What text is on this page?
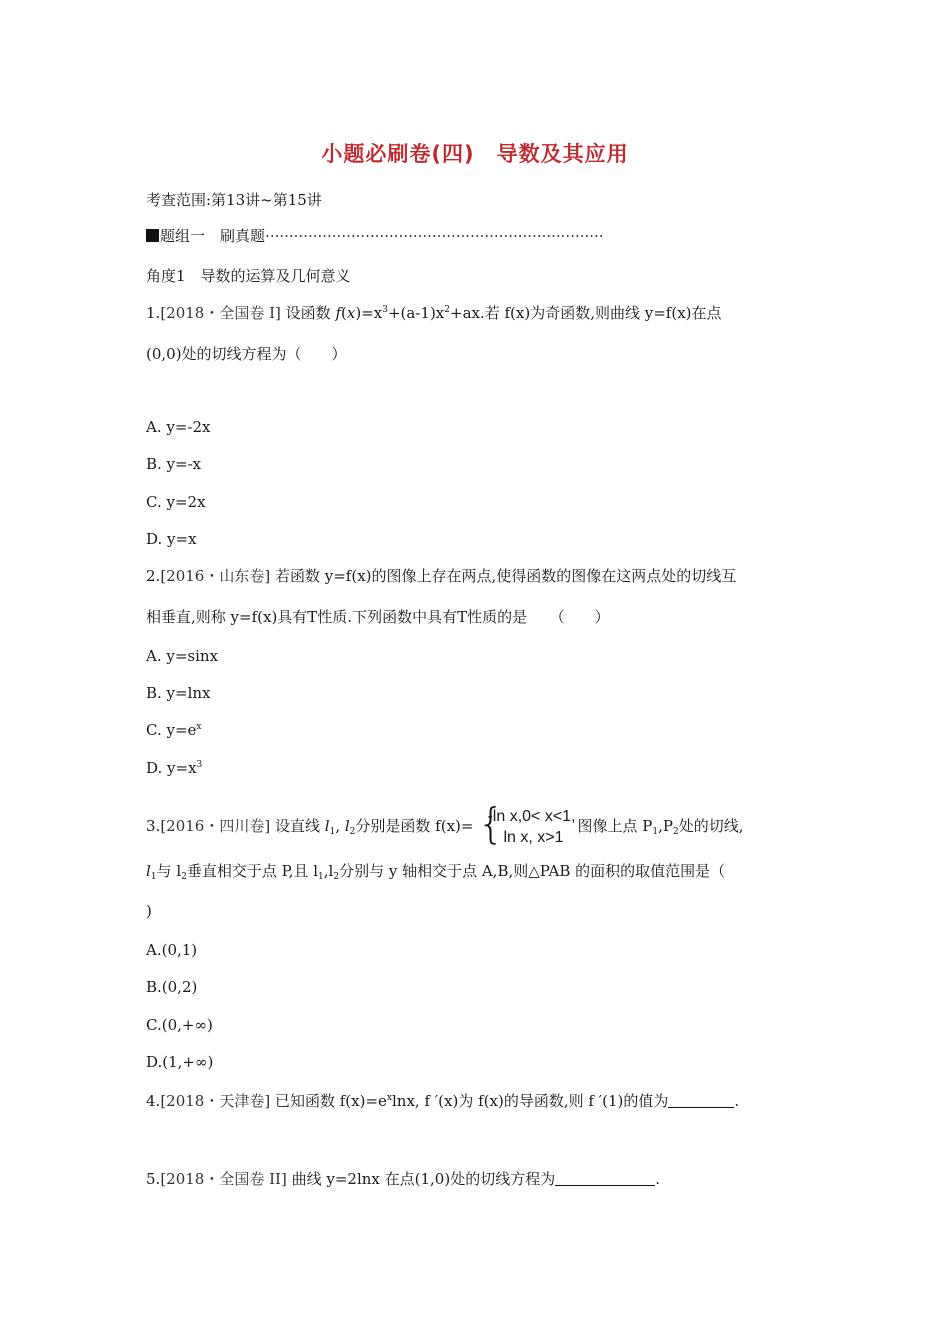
小题必刷卷(四) 导数及其应用
考查范围:第13讲~第15讲
题组一　 刷真题·······································································
角度1　导数的运算及几何意义
1.[2018・全国卷 I] 设函数 $f(x)=x^3+(a-1)x^2+ax$.若 f(x)为奇函数,则曲线 y=f(x)在点
(0,0)处的切线方程为（　　）
A. y=-2x
B. y=-x
C. y=2x
D. y=x
2.[2016・山东卷] 若函数 y=f(x)的图像上存在两点,使得函数的图像在这两点处的切线互
相垂直,则称 y=f(x)具有T性质.下列函数中具有T性质的是　　（　　）
A. y=sinx
B. y=lnx
C. $y=e^x$
D. $y=x^3$
3.[2016・四川卷] 设直线 $l_1$, $l_2$分别是函数 f(x)= {
-ln x,0< x<1,
ln x, x>1
图像上点 $P_1,P_2$处的切线,
$l_1$与 $l_2$垂直相交于点 P,且 $l_1,l_2$分别与 y 轴相交于点 A,B,则△PAB 的面积的取值范围是（
)
A.(0,1)
B.(0,2)
C.(0,+∞)
D.(1,+∞)
4.[2018・天津卷] 已知函数 $f(x)=e^x\ln x$, f ′(x)为 f(x)的导函数,则 f ′(1)的值为	.
5.[2018・全国卷 II] 曲线 y=2lnx 在点(1,0)处的切线方程为	.
